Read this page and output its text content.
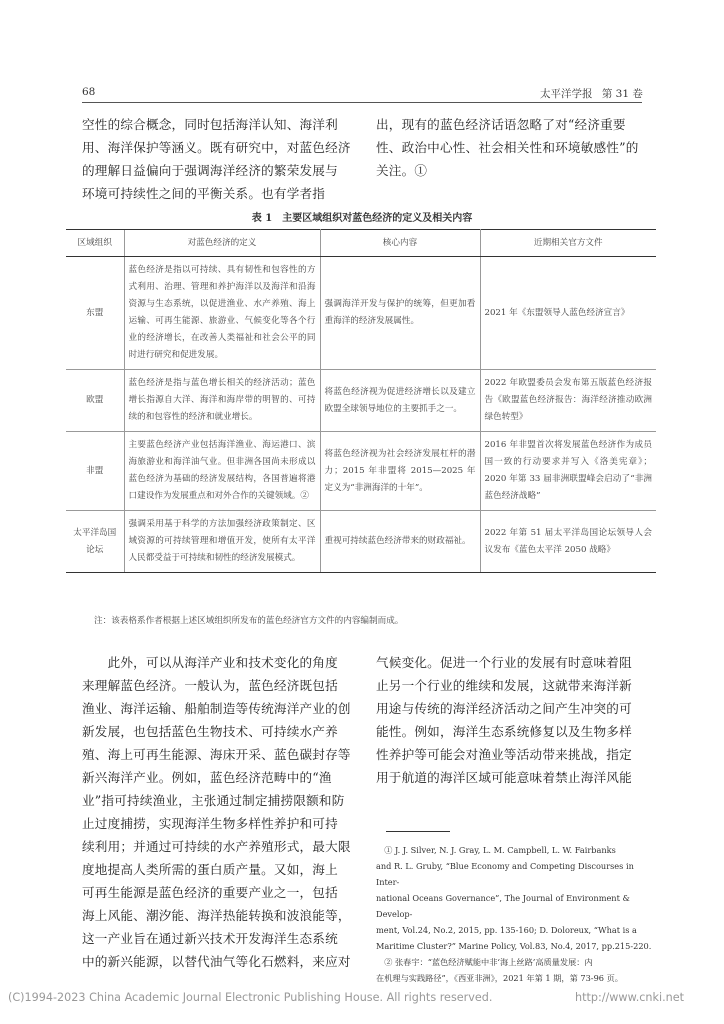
68	太平洋学报 第 31 卷

空性的综合概念，同时包括海洋认知、海洋利

用、海洋保护等涵义。既有研究中，对蓝色经济

的理解日益偏向于强调海洋经济的繁荣发展与

环境可持续性之间的平衡关系。也有学者指

出，现有的蓝色经济话语忽略了对“经济重要

性、政治中心性、社会相关性和环境敏感性”的

关注。①

表 1　主要区域组织对蓝色经济的定义及相关内容
区域组织	对蓝色经济的定义	核心内容	近期相关官方文件
东盟	蓝色经济是指以可持续、具有韧性和包容性的方式利用、治理、管理和养护海洋以及海洋和沿海资源与生态系统，以促进渔业、水产养殖、海上运输、可再生能源、旅游业、气候变化等各个行业的经济增长，在改善人类福祉和社会公平的同时进行研究和促进发展。	强调海洋开发与保护的统筹，但更加看重海洋的经济发展属性。	2021 年《东盟领导人蓝色经济宣言》
欧盟	蓝色经济是指与蓝色增长相关的经济活动；蓝色增长指源自大洋、海洋和海岸带的明智的、可持续的和包容性的经济和就业增长。	将蓝色经济视为促进经济增长以及建立欧盟全球领导地位的主要抓手之一。	2022 年欧盟委员会发布第五版蓝色经济报告《欧盟蓝色经济报告：海洋经济推动欧洲绿色转型》
非盟	主要蓝色经济产业包括海洋渔业、海运港口、滨海旅游业和海洋油气业。但非洲各国尚未形成以蓝色经济为基础的经济发展结构，各国普遍将港口建设作为发展重点和对外合作的关键领域。②	将蓝色经济视为社会经济发展杠杆的潜力；2015 年非盟将 2015—2025 年定义为“非洲海洋的十年”。	2016 年非盟首次将发展蓝色经济作为成员国一致的行动要求并写入《洛美宪章》；2020 年第 33 届非洲联盟峰会启动了“非洲蓝色经济战略”
太平洋岛国论坛	强调采用基于科学的方法加强经济政策制定、区域资源的可持续管理和增值开发，使所有太平洋人民都受益于可持续和韧性的经济发展模式。	重视可持续蓝色经济带来的财政福祉。	2022 年第 51 届太平洋岛国论坛领导人会议发布《蓝色太平洋 2050 战略》
注：该表格系作者根据上述区域组织所发布的蓝色经济官方文件的内容编制而成。

　　此外，可以从海洋产业和技术变化的角度

来理解蓝色经济。一般认为，蓝色经济既包括

渔业、海洋运输、船舶制造等传统海洋产业的创

新发展，也包括蓝色生物技术、可持续水产养

殖、海上可再生能源、海床开采、蓝色碳封存等

新兴海洋产业。例如，蓝色经济范畴中的“渔

业”指可持续渔业，主张通过制定捕捞限额和防

止过度捕捞，实现海洋生物多样性养护和可持

续利用；并通过可持续的水产养殖形式，最大限

度地提高人类所需的蛋白质产量。又如，海上

可再生能源是蓝色经济的重要产业之一，包括

海上风能、潮汐能、海洋热能转换和波浪能等，

这一产业旨在通过新兴技术开发海洋生态系统

中的新兴能源，以替代油气等化石燃料，来应对

气候变化。促进一个行业的发展有时意味着阻

止另一个行业的维续和发展，这就带来海洋新

用途与传统的海洋经济活动之间产生冲突的可

能性。例如，海洋生态系统修复以及生物多样

性养护等可能会对渔业等活动带来挑战，指定

用于航道的海洋区域可能意味着禁止海洋风能

　① J. J. Silver, N. J. Gray, L. M. Campbell, L. W. Fairbanks

and R. L. Gruby, “Blue Economy and Competing Discourses in Inter-

national Oceans Governance”, The Journal of Environment & Develop-

ment, Vol.24, No.2, 2015, pp. 135-160; D. Doloreux, “What is a

Maritime Cluster?” Marine Policy, Vol.83, No.4, 2017, pp.215-220.

　② 张春宇：“蓝色经济赋能中非‘海上丝路’高质量发展：内

在机理与实践路径”，《西亚非洲》，2021 年第 1 期，第 73-96 页。

(C)1994-2023 China Academic Journal Electronic Publishing House. All rights reserved.	http://www.cnki.net
